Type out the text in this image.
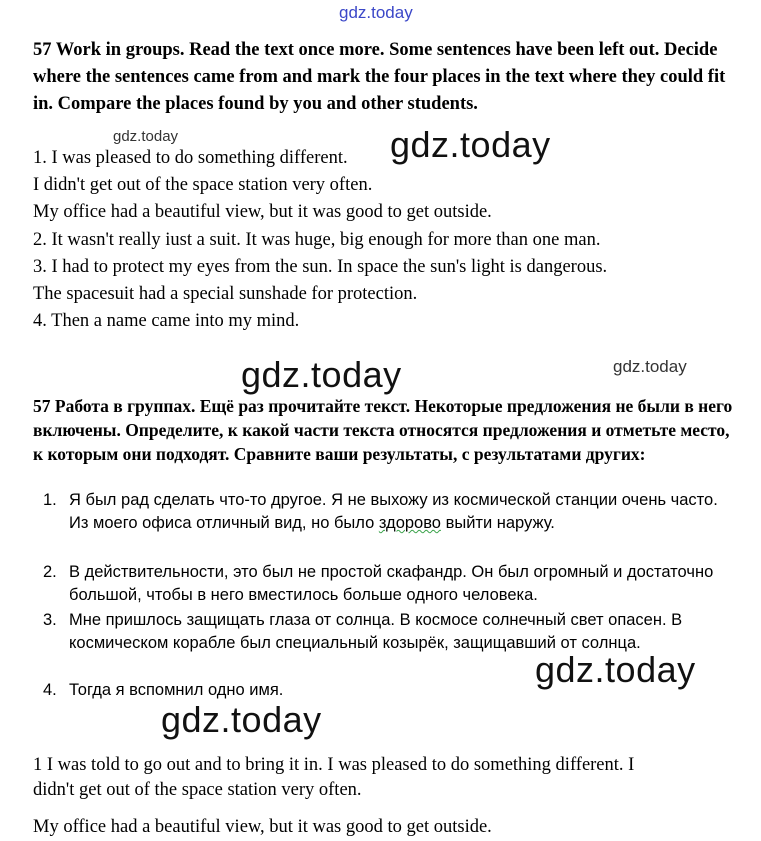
gdz.today
57 Work in groups. Read the text once more. Some sentences have been left out. Decide where the sentences came from and mark the four places in the text where they could fit in. Compare the places found by you and other students.
gdz.today	gdz.today
1. I was pleased to do something different.
I didn't get out of the space station very often.
My office had a beautiful view, but it was good to get outside.
2. It wasn't really iust a suit. It was huge, big enough for more than one man.
3. I had to protect my eyes from the sun. In space the sun's light is dangerous.
The spacesuit had a special sunshade for protection.
4. Then a name came into my mind.
gdz.today	gdz.today
57 Работа в группах. Ещё раз прочитайте текст. Некоторые предложения не были в него включены. Определите, к какой части текста относятся предложения и отметьте место, к которым они подходят. Сравните ваши результаты, с результатами других:
1. Я был рад сделать что-то другое. Я не выхожу из космической станции очень часто. Из моего офиса отличный вид, но было здорово выйти наружу.
2. В действительности, это был не простой скафандр. Он был огромный и достаточно большой, чтобы в него вместилось больше одного человека.
3. Мне пришлось защищать глаза от солнца. В космосе солнечный свет опасен. В космическом корабле был специальный козырёк, защищавший от солнца.
4. Тогда я вспомнил одно имя.	gdz.today
gdz.today
1 I was told to go out and to bring it in. I was pleased to do something different. I
didn't get out of the space station very often.
My office had a beautiful view, but it was good to get outside.
